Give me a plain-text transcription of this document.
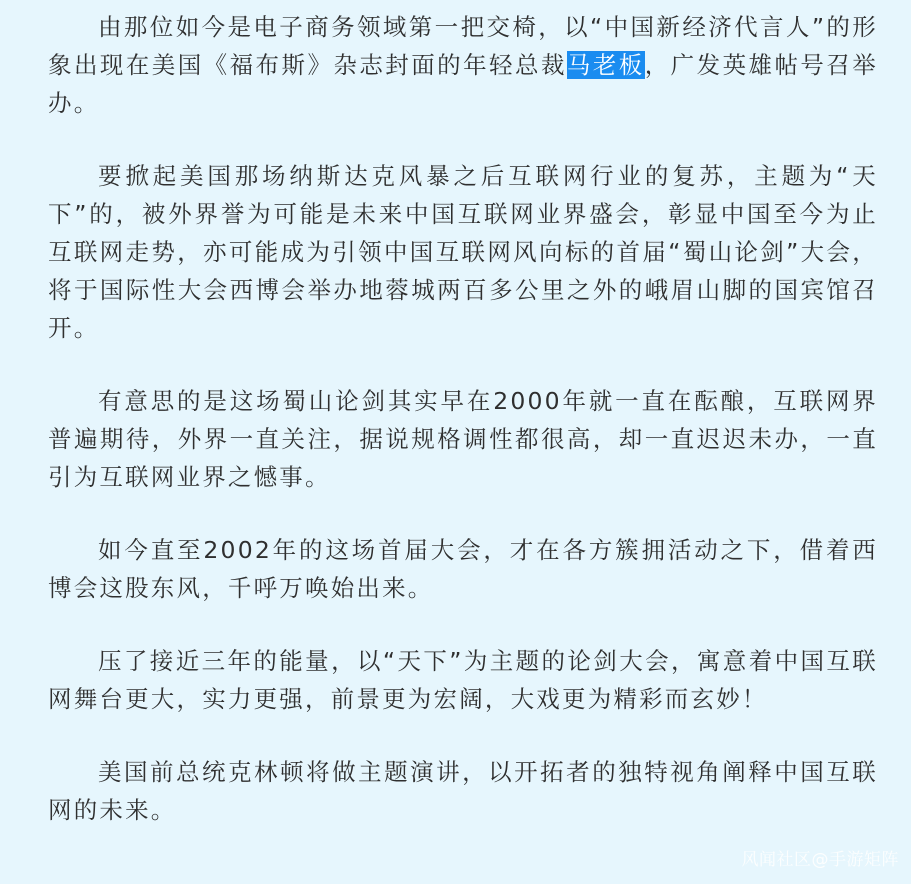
由那位如今是电子商务领域第一把交椅，以“中国新经济代言人”的形象出现在美国《福布斯》杂志封面的年轻总裁马老板，广发英雄帖号召举办。

要掀起美国那场纳斯达克风暴之后互联网行业的复苏，主题为“天下”的，被外界誉为可能是未来中国互联网业界盛会，彰显中国至今为止互联网走势，亦可能成为引领中国互联网风向标的首届“蜀山论剑”大会，将于国际性大会西博会举办地蓉城两百多公里之外的峨眉山脚的国宾馆召开。

有意思的是这场蜀山论剑其实早在2000年就一直在酝酿，互联网界普遍期待，外界一直关注，据说规格调性都很高，却一直迟迟未办，一直引为互联网业界之憾事。

如今直至2002年的这场首届大会，才在各方簇拥活动之下，借着西博会这股东风，千呼万唤始出来。

压了接近三年的能量，以“天下”为主题的论剑大会，寓意着中国互联网舞台更大，实力更强，前景更为宏阔，大戏更为精彩而玄妙！

美国前总统克林顿将做主题演讲，以开拓者的独特视角阐释中国互联网的未来。

风闻社区@手游矩阵
